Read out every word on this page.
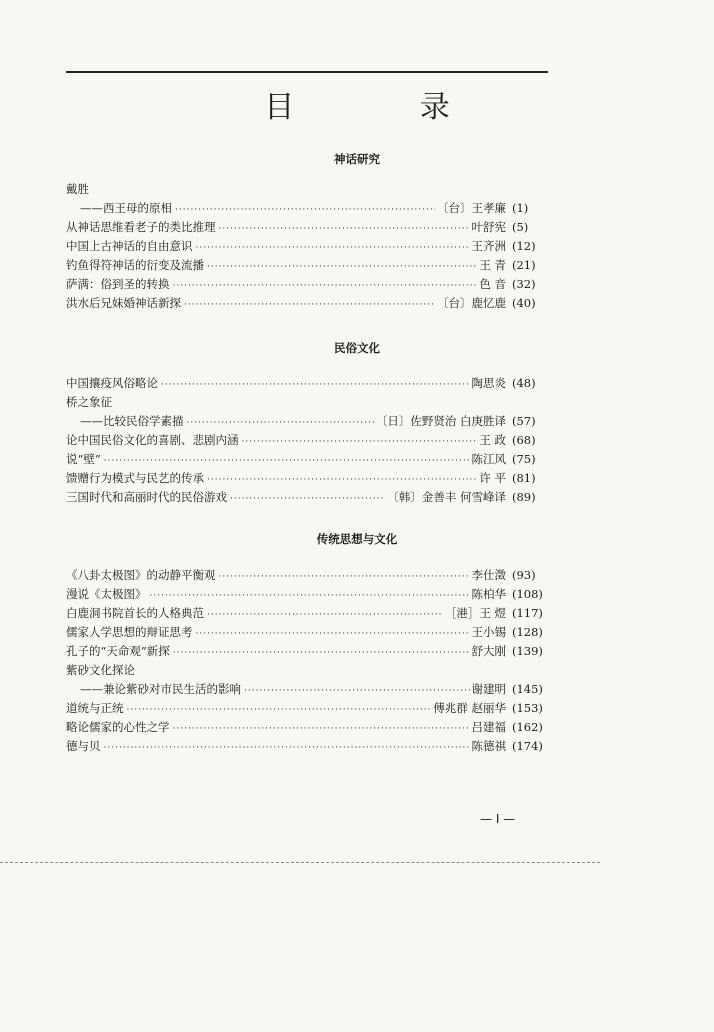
目 录
神话研究
戴胜
——西王母的原相 ·····	〔台〕王孝廉 (1)
从神话思维看老子的类比推理 ·····	叶舒宪 (5)
中国上古神话的自由意识 ·····	王齐洲 (12)
钓鱼得符神话的衍变及流播 ·····	王 青 (21)
萨满：俗到圣的转换 ·····	色 音 (32)
洪水后兄妹婚神话新探 ·····	〔台〕鹿忆鹿 (40)
民俗文化
中国攘疫风俗略论 ·····	陶思炎 (48)
桥之象征
——比较民俗学素描 ·····	〔日〕佐野贤治 白庚胜译 (57)
论中国民俗文化的喜剧、悲剧内涵 ·····	王 政 (68)
说“壁” ·····	陈江风 (75)
馈赠行为模式与民艺的传承 ·····	许 平 (81)
三国时代和高丽时代的民俗游戏 ·····	〔韩〕金善丰 何雪峰译 (89)
传统思想与文化
《八卦太极图》的动静平衡观 ·····	李仕澂 (93)
漫说《太极图》 ·····	陈柏华 (108)
白鹿洞书院首长的人格典范 ·····	［港］王 煜 (117)
儒家人学思想的辩证思考 ·····	王小锡 (128)
孔子的“天命观”新探 ·····	舒大刚 (139)
紫砂文化探论
——兼论紫砂对市民生活的影响 ·····	谢建明 (145)
道统与正统 ·····	傅兆群 赵丽华 (153)
略论儒家的心性之学 ·····	吕建福 (162)
德与贝 ·····	陈德祺 (174)
— I —
